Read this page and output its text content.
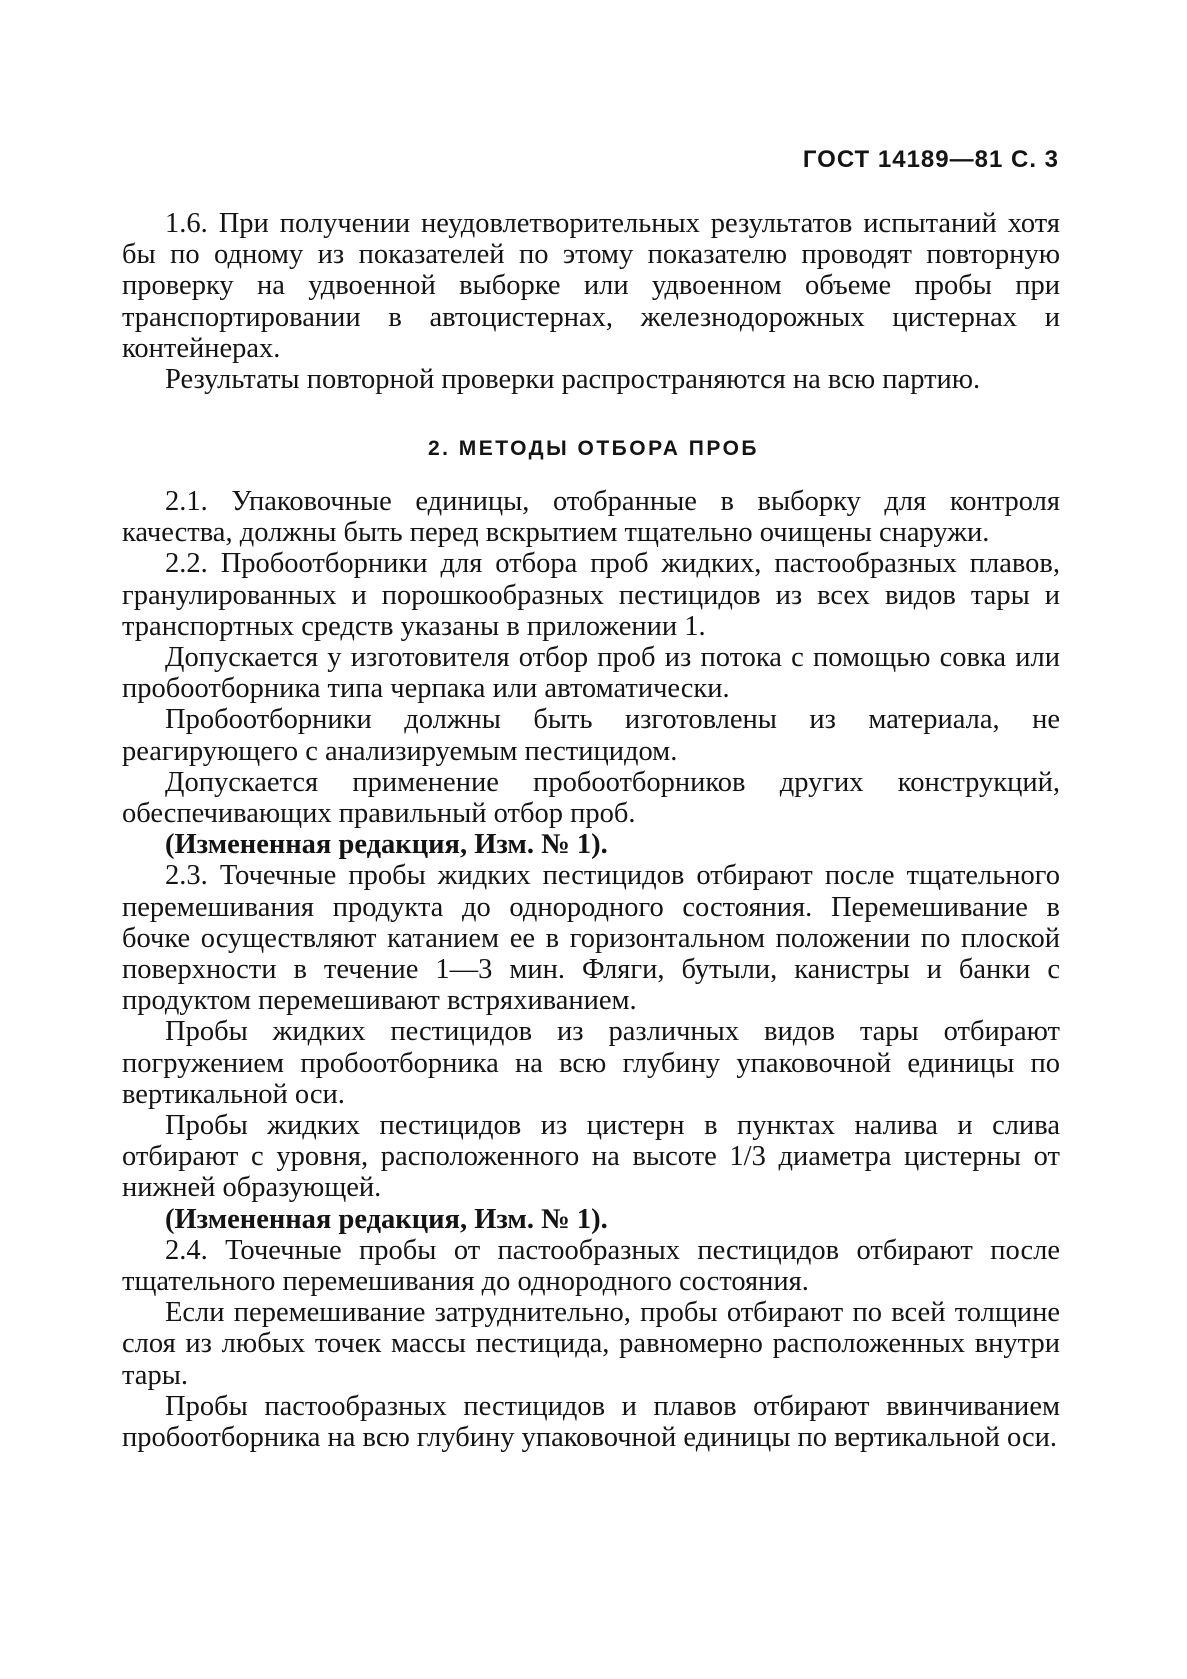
ГОСТ 14189—81 С. 3

1.6. При получении неудовлетворительных результатов испытаний хотя бы по одному из показателей по этому показателю проводят повторную проверку на удвоенной выборке или удвоенном объеме пробы при транспортировании в автоцистернах, железнодорожных цистернах и контейнерах.

Результаты повторной проверки распространяются на всю партию.

2. МЕТОДЫ ОТБОРА ПРОБ

2.1. Упаковочные единицы, отобранные в выборку для контроля качества, должны быть перед вскрытием тщательно очищены снаружи.

2.2. Пробоотборники для отбора проб жидких, пастообразных плавов, гранулированных и порошкообразных пестицидов из всех видов тары и транспортных средств указаны в приложении 1.

Допускается у изготовителя отбор проб из потока с помощью совка или пробоотборника типа черпака или автоматически.

Пробоотборники должны быть изготовлены из материала, не реагирующего с анализируемым пестицидом.

Допускается применение пробоотборников других конструкций, обеспечивающих правильный отбор проб.

(Измененная редакция, Изм. № 1).

2.3. Точечные пробы жидких пестицидов отбирают после тщательного перемешивания продукта до однородного состояния. Перемешивание в бочке осуществляют катанием ее в горизонтальном положении по плоской поверхности в течение 1—3 мин. Фляги, бутыли, канистры и банки с продуктом перемешивают встряхиванием.

Пробы жидких пестицидов из различных видов тары отбирают погружением пробоотборника на всю глубину упаковочной единицы по вертикальной оси.

Пробы жидких пестицидов из цистерн в пунктах налива и слива отбирают с уровня, расположенного на высоте 1/3 диаметра цистерны от нижней образующей.

(Измененная редакция, Изм. № 1).

2.4. Точечные пробы от пастообразных пестицидов отбирают после тщательного перемешивания до однородного состояния.

Если перемешивание затруднительно, пробы отбирают по всей толщине слоя из любых точек массы пестицида, равномерно расположенных внутри тары.

Пробы пастообразных пестицидов и плавов отбирают ввинчиванием пробоотборника на всю глубину упаковочной единицы по вертикальной оси.
